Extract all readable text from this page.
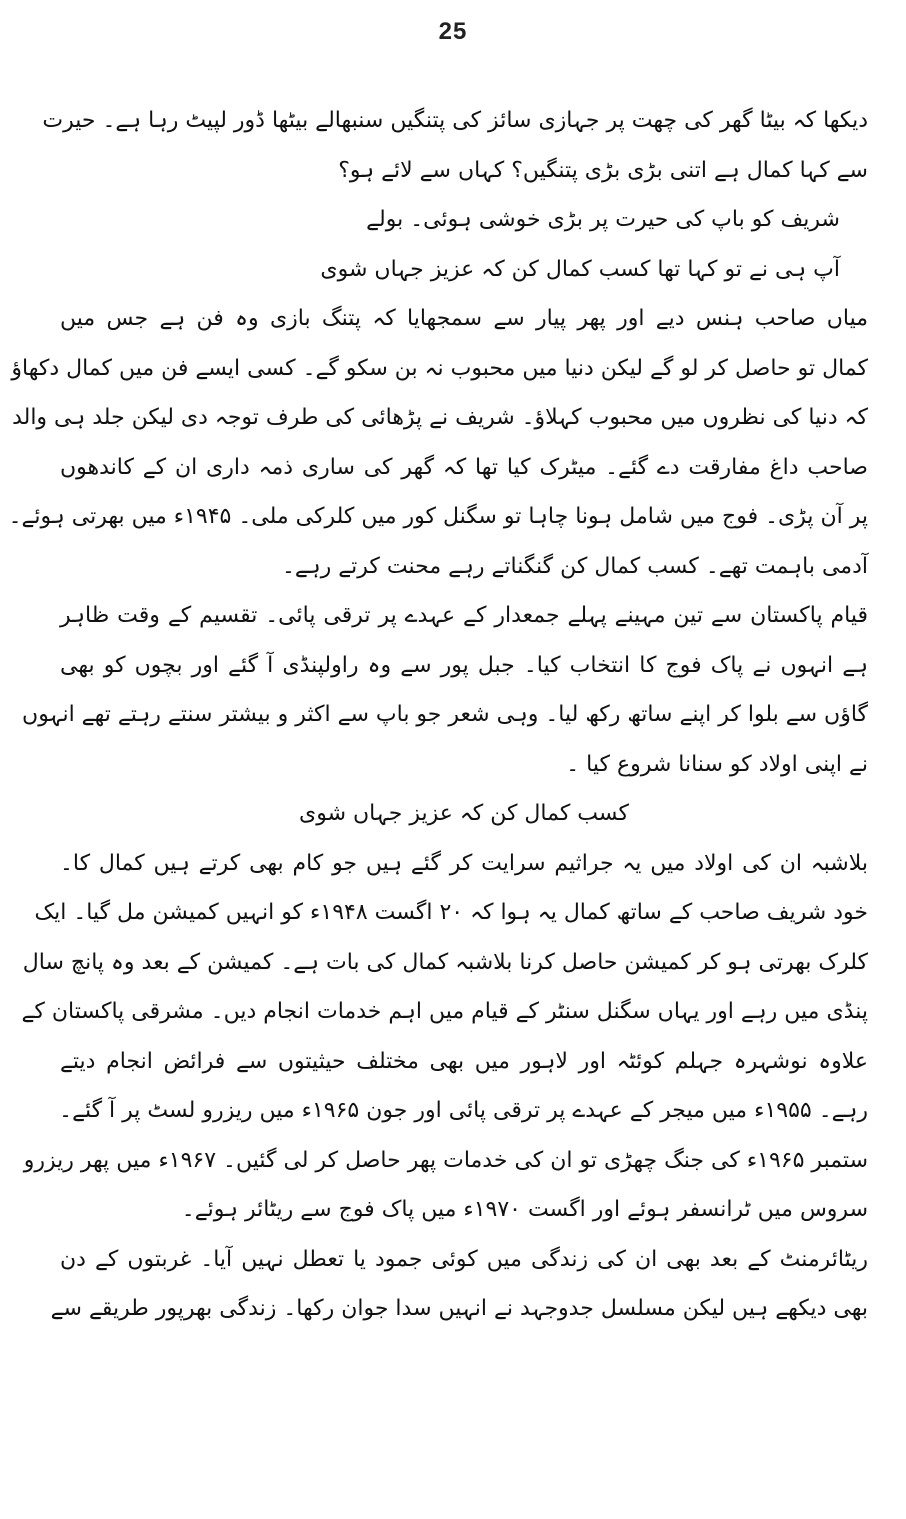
25
دیکھا کہ بیٹا گھر کی چھت پر جہازی سائز کی پتنگیں سنبھالے بیٹھا ڈور لپیٹ رہا ہے۔ حیرت
سے کہا کمال ہے اتنی بڑی بڑی پتنگیں؟ کہاں سے لائے ہو؟
شریف کو باپ کی حیرت پر بڑی خوشی ہوئی۔ بولے
آپ ہی نے تو کہا تھا کسب کمال کن کہ عزیز جہاں شوی
میاں صاحب ہنس دیے اور پھر پیار سے سمجھایا کہ پتنگ بازی وہ فن ہے جس میں
کمال تو حاصل کر لو گے لیکن دنیا میں محبوب نہ بن سکو گے۔ کسی ایسے فن میں کمال دکھاؤ
کہ دنیا کی نظروں میں محبوب کہلاؤ۔ شریف نے پڑھائی کی طرف توجہ دی لیکن جلد ہی والد
صاحب داغ مفارقت دے گئے۔ میٹرک کیا تھا کہ گھر کی ساری ذمہ داری ان کے کاندھوں
پر آن پڑی۔ فوج میں شامل ہونا چاہا تو سگنل کور میں کلرکی ملی۔ ۱۹۴۵ء میں بھرتی ہوئے۔
آدمی باہمت تھے۔ کسب کمال کن گنگناتے رہے محنت کرتے رہے۔
قیام پاکستان سے تین مہینے پہلے جمعدار کے عہدے پر ترقی پائی۔ تقسیم کے وقت ظاہر
ہے انہوں نے پاک فوج کا انتخاب کیا۔ جبل پور سے وہ راولپنڈی آ گئے اور بچوں کو بھی
گاؤں سے بلوا کر اپنے ساتھ رکھ لیا۔ وہی شعر جو باپ سے اکثر و بیشتر سنتے رہتے تھے انہوں
نے اپنی اولاد کو سنانا شروع کیا ۔
کسب کمال کن کہ عزیز جہاں شوی
بلاشبہ ان کی اولاد میں یہ جراثیم سرایت کر گئے ہیں جو کام بھی کرتے ہیں کمال کا۔
خود شریف صاحب کے ساتھ کمال یہ ہوا کہ ۲۰ اگست ۱۹۴۸ء کو انہیں کمیشن مل گیا۔ ایک
کلرک بھرتی ہو کر کمیشن حاصل کرنا بلاشبہ کمال کی بات ہے۔ کمیشن کے بعد وہ پانچ سال
پنڈی میں رہے اور یہاں سگنل سنٹر کے قیام میں اہم خدمات انجام دیں۔ مشرقی پاکستان کے
علاوہ نوشہرہ جہلم کوئٹہ اور لاہور میں بھی مختلف حیثیتوں سے فرائض انجام دیتے
رہے۔ ۱۹۵۵ء میں میجر کے عہدے پر ترقی پائی اور جون ۱۹۶۵ء میں ریزرو لسٹ پر آ گئے۔
ستمبر ۱۹۶۵ء کی جنگ چھڑی تو ان کی خدمات پھر حاصل کر لی گئیں۔ ۱۹۶۷ء میں پھر ریزرو
سروس میں ٹرانسفر ہوئے اور اگست ۱۹۷۰ء میں پاک فوج سے ریٹائر ہوئے۔
ریٹائرمنٹ کے بعد بھی ان کی زندگی میں کوئی جمود یا تعطل نہیں آیا۔ غربتوں کے دن
بھی دیکھے ہیں لیکن مسلسل جدوجہد نے انہیں سدا جوان رکھا۔ زندگی بھرپور طریقے سے
